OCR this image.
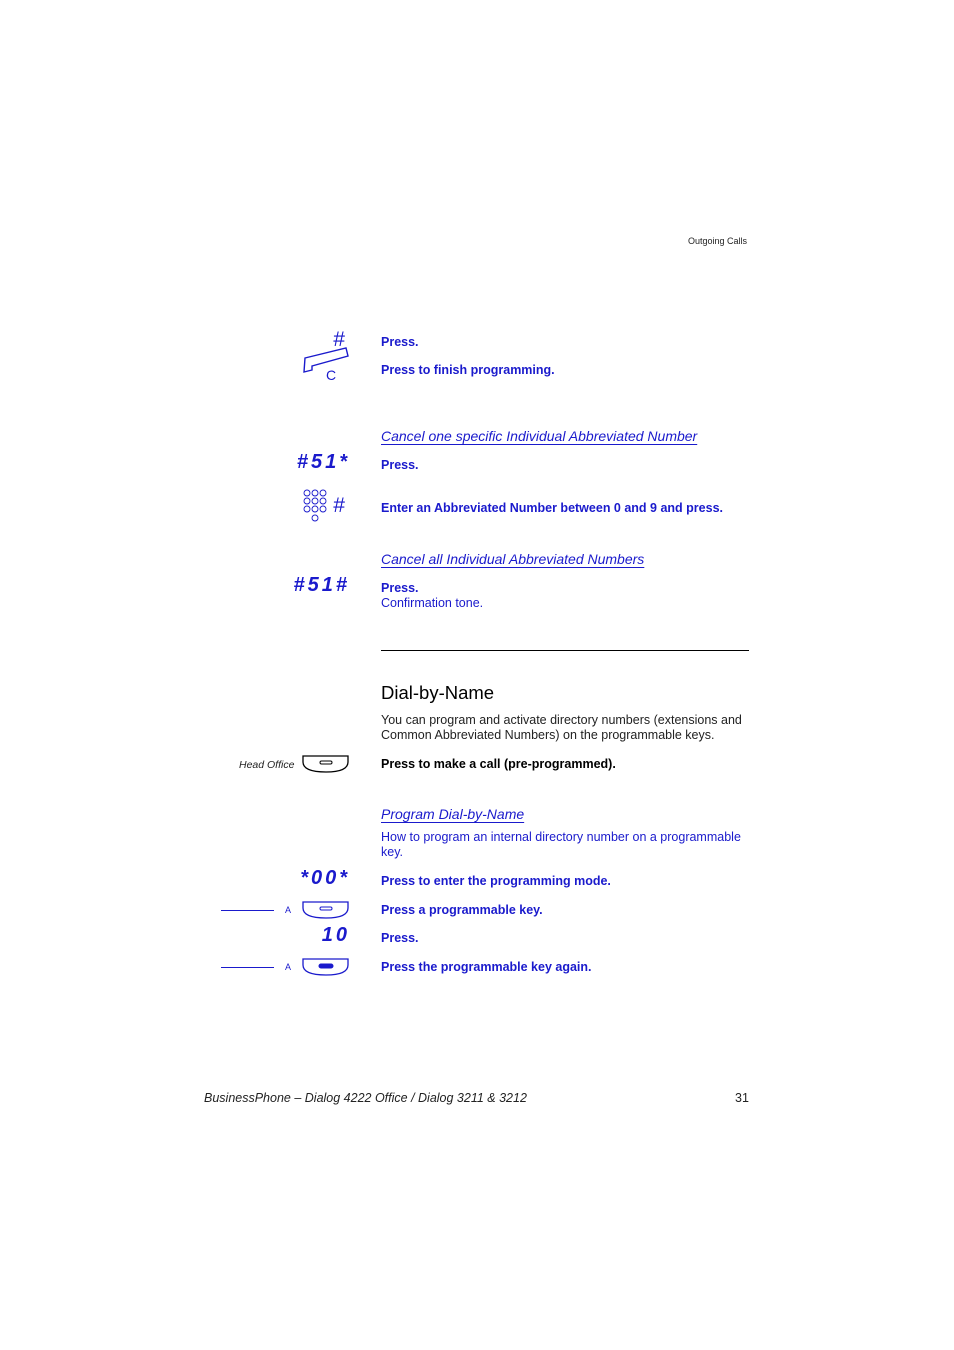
Outgoing Calls
#
C
Press.
Press to finish programming.
Cancel one specific Individual Abbreviated Number
#51* Press.
#	Enter an Abbreviated Number between 0 and 9 and press.
Cancel all Individual Abbreviated Numbers
#51# Press.
Confirmation tone.
Dial-by-Name
You can program and activate directory numbers (extensions and Common Abbreviated Numbers) on the programmable keys.
Head Office	Press to make a call (pre-programmed).
Program Dial-by-Name
How to program an internal directory number on a programmable key.
*00* Press to enter the programming mode.
A	Press a programmable key.
10 Press.
A	Press the programmable key again.
BusinessPhone – Dialog 4222 Office / Dialog 3211 & 3212	31
